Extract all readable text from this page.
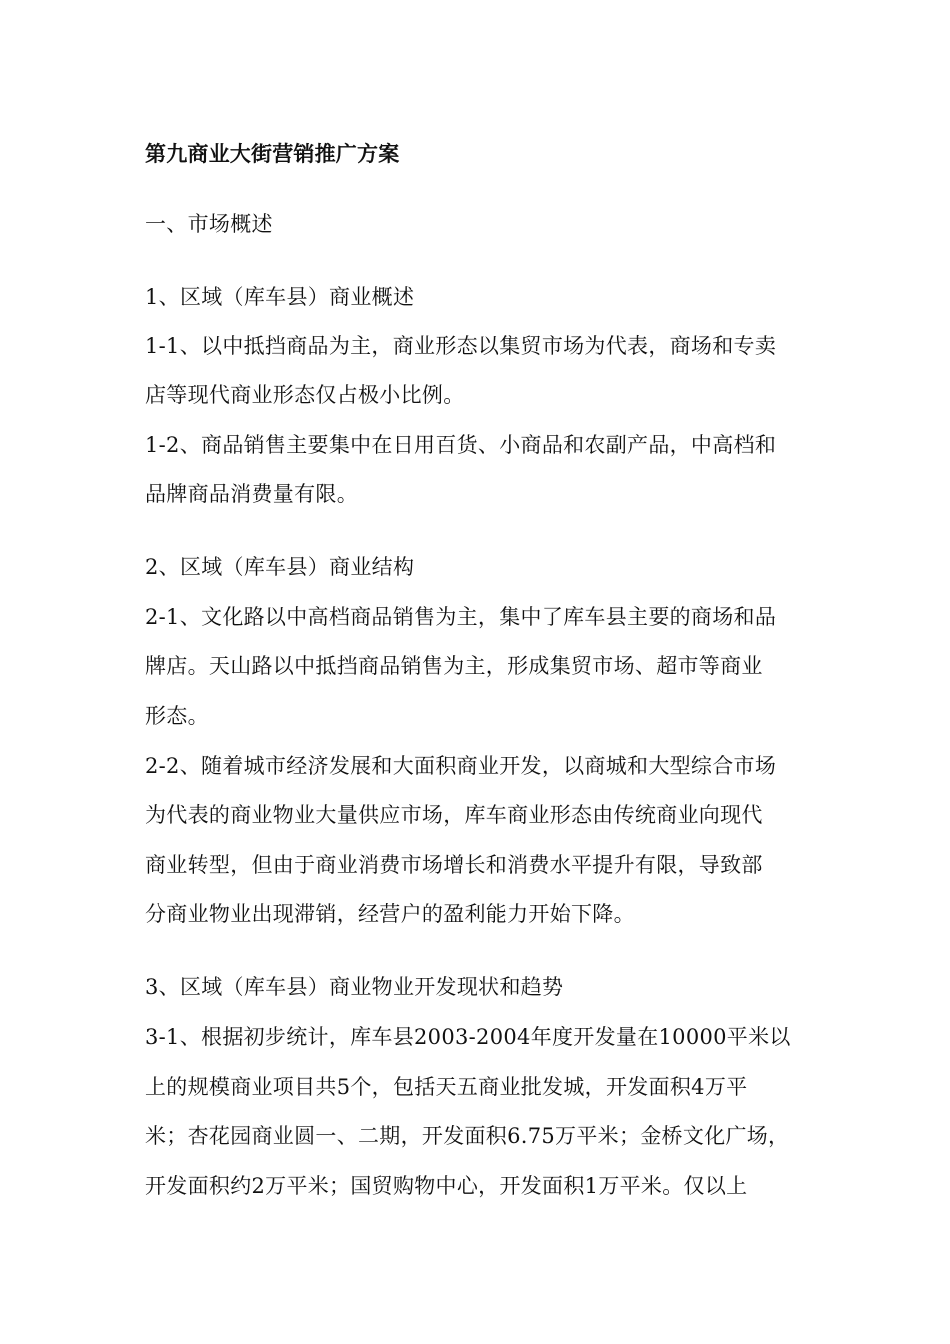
第九商业大街营销推广方案
一、市场概述
1、区域（库车县）商业概述
1-1、以中抵挡商品为主，商业形态以集贸市场为代表，商场和专卖
店等现代商业形态仅占极小比例。
1-2、商品销售主要集中在日用百货、小商品和农副产品，中高档和
品牌商品消费量有限。
2、区域（库车县）商业结构
2-1、文化路以中高档商品销售为主，集中了库车县主要的商场和品
牌店。天山路以中抵挡商品销售为主，形成集贸市场、超市等商业
形态。
2-2、随着城市经济发展和大面积商业开发，以商城和大型综合市场
为代表的商业物业大量供应市场，库车商业形态由传统商业向现代
商业转型，但由于商业消费市场增长和消费水平提升有限，导致部
分商业物业出现滞销，经营户的盈利能力开始下降。
3、区域（库车县）商业物业开发现状和趋势
3-1、根据初步统计，库车县2003-2004年度开发量在10000平米以
上的规模商业项目共5个，包括天五商业批发城，开发面积4万平
米；杏花园商业圆一、二期，开发面积6.75万平米；金桥文化广场，
开发面积约2万平米；国贸购物中心，开发面积1万平米。仅以上
